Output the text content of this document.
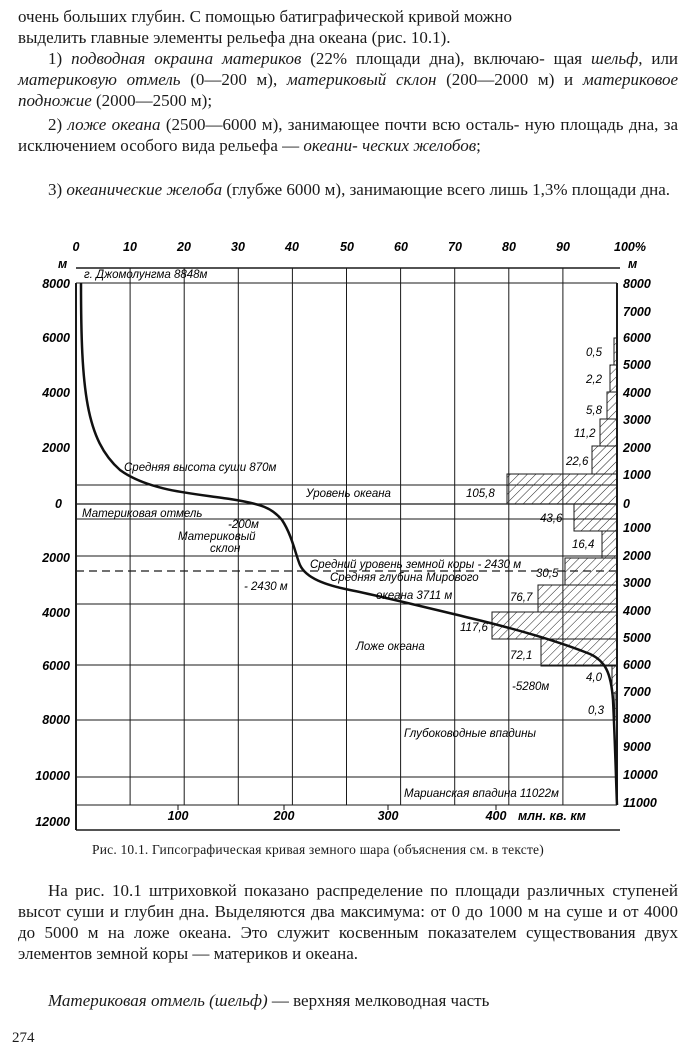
очень больших глубин. С помощью батиграфической кривой можно
выделить главные элементы рельефа дна океана (рис. 10.1).

1) подводная окраина материков (22% площади дна), включаю- щая шельф, или материковую отмель (0—200 м), материковый склон (200—2000 м) и материковое подножие (2000—2500 м);

2) ложе океана (2500—6000 м), занимающее почти всю осталь- ную площадь дна, за исключением особого вида рельефа — океани- ческих желобов;

3) океанические желоба (глубже 6000 м), занимающие всего лишь 1,3% площади дна.

0,5
2,2
5,8
11,2
22,6
105,8
43,6
16,4
30,5
76,7
117,6
72,1
4,0
0,3
0	10	20	30	40	50	60	70	80	90	100%
м
8000
6000
4000
2000
0
2000
4000
6000
8000
10000
12000
м
8000
7000
6000
5000
4000
3000
2000
1000
0
1000
2000
3000
4000
5000
6000
7000
8000
9000
10000
11000
100	200	300	400 млн. кв. км
г. Джомолунгма 8848м
Средняя высота суши 870м
Уровень океана
Материковая отмель
-200м
Материковый
склон
Средний уровень земной коры - 2430 м
- 2430 м
Средняя глубина Мирового
океана 3711 м
Ложе океана
-5280м
Глубоководные впадины
Марианская впадина 11022м
Рис. 10.1. Гипсографическая кривая земного шара (объяснения см. в тексте)

На рис. 10.1 штриховкой показано распределение по площади различных ступеней высот суши и глубин дна. Выделяются два максимума: от 0 до 1000 м на суше и от 4000 до 5000 м на ложе океана. Это служит косвенным показателем существования двух элементов земной коры — материков и океана.

Материковая отмель (шельф) — верхняя мелководная часть

274
